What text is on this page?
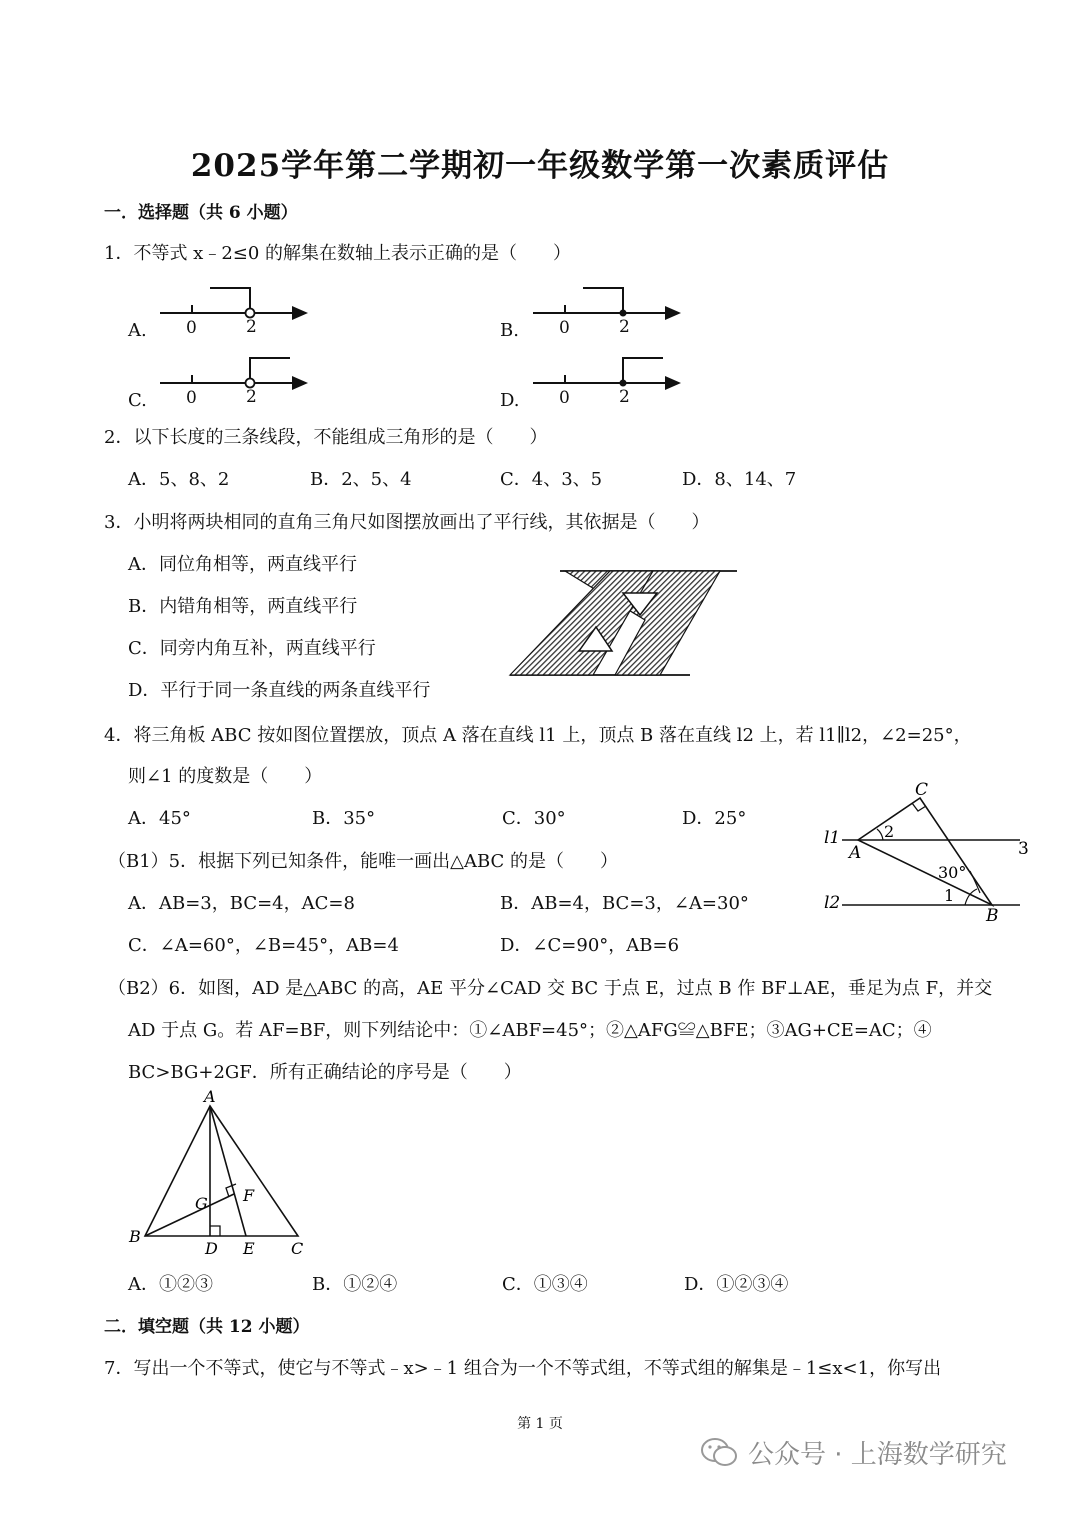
2025学年第二学期初一年级数学第一次素质评估
一．选择题（共 6 小题）
1．不等式 x﹣2≤0 的解集在数轴上表示正确的是（　　）
A. 0	2	B. 0	2
C. 0	2	D. 0	2
2．以下长度的三条线段，不能组成三角形的是（　　）
A．5、8、2	B．2、5、4	C．4、3、5	D．8、14、7
3．小明将两块相同的直角三角尺如图摆放画出了平行线，其依据是（　　）
A．同位角相等，两直线平行
B．内错角相等，两直线平行
C．同旁内角互补，两直线平行
D．平行于同一条直线的两条直线平行
4．将三角板 ABC 按如图位置摆放，顶点 A 落在直线 l1 上，顶点 B 落在直线 l2 上，若 l1∥l2，∠2=25°，
则∠1 的度数是（　　）
A．45°	B．35°	C．30°	D．25°
C
2
l1
A	3
30°
1
l2
B
（B1）5．根据下列已知条件，能唯一画出△ABC 的是（　　）
A．AB=3，BC=4，AC=8	B．AB=4，BC=3，∠A=30°
C．∠A=60°，∠B=45°，AB=4	D．∠C=90°，AB=6
（B2）6．如图，AD 是△ABC 的高，AE 平分∠CAD 交 BC 于点 E，过点 B 作 BF⊥AE，垂足为点 F，并交
AD 于点 G。若 AF=BF，则下列结论中：①∠ABF=45°；②△AFG≌△BFE；③AG+CE=AC；④
BC>BG+2GF．所有正确结论的序号是（　　）
A
G F
B
D E C
A．①②③	B．①②④	C．①③④	D．①②③④
二．填空题（共 12 小题）
7．写出一个不等式，使它与不等式﹣x>﹣1 组合为一个不等式组，不等式组的解集是﹣1≤x<1，你写出
第 1 页
公众号 · 上海数学研究
